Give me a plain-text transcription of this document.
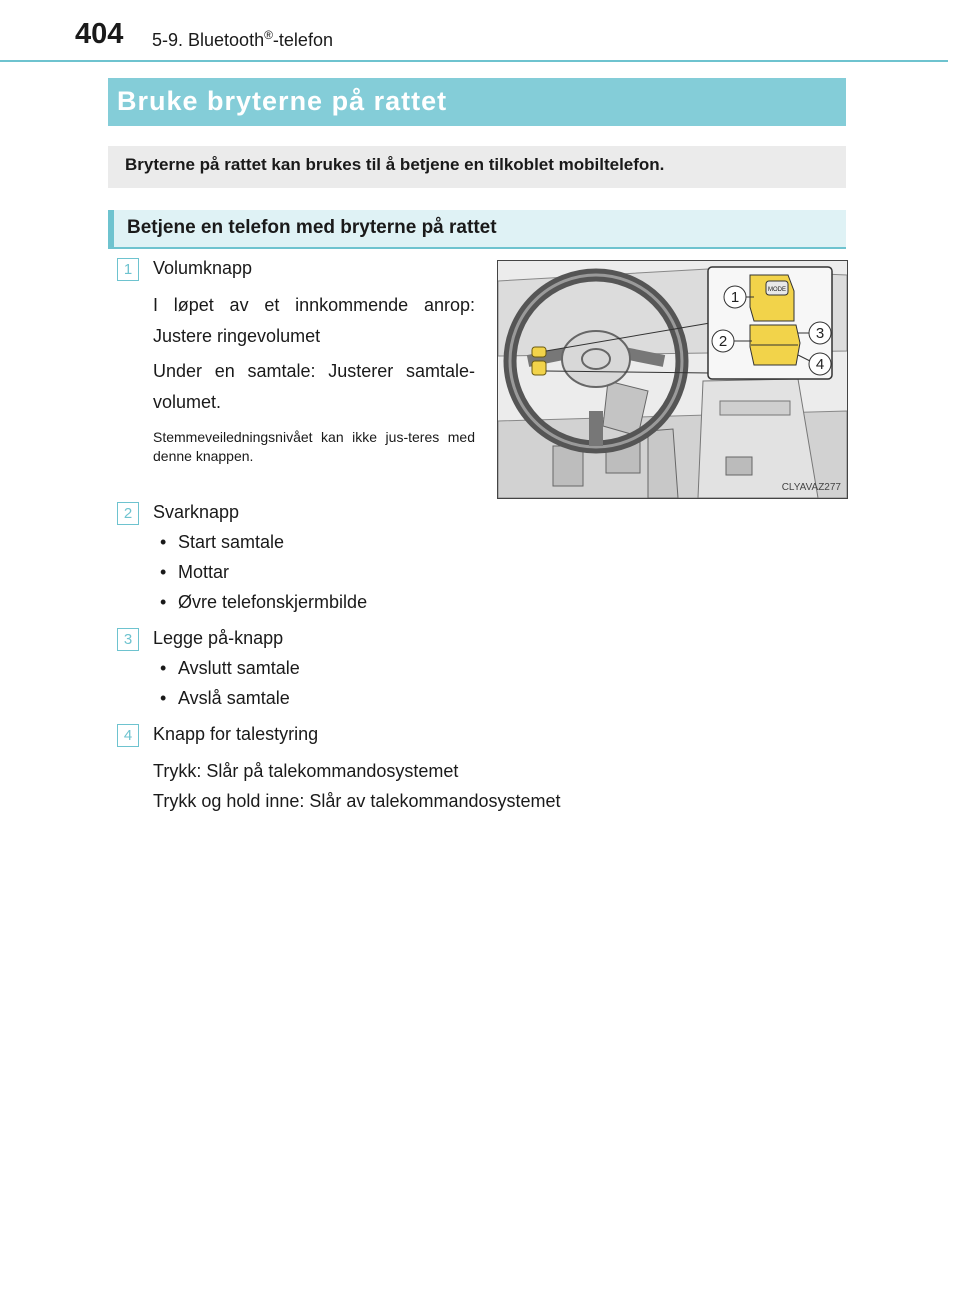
404 5-9. Bluetooth®-telefon
Bruke bryterne på rattet
Bryterne på rattet kan brukes til å betjene en tilkoblet mobiltelefon.
Betjene en telefon med bryterne på rattet
1	Volumknapp
I løpet av et innkommende anrop: Justere ringevolumet
Under en samtale: Justerer samtale-volumet.
Stemmeveiledningsnivået kan ikke jus-teres med denne knappen.
MODE
1
2	3
4
CLYAVAZ277
2	Svarknapp
• Start samtale
• Mottar
• Øvre telefonskjermbilde
3	Legge på-knapp
• Avslutt samtale
• Avslå samtale
4	Knapp for talestyring
Trykk: Slår på talekommandosystemet
Trykk og hold inne: Slår av talekommandosystemet
